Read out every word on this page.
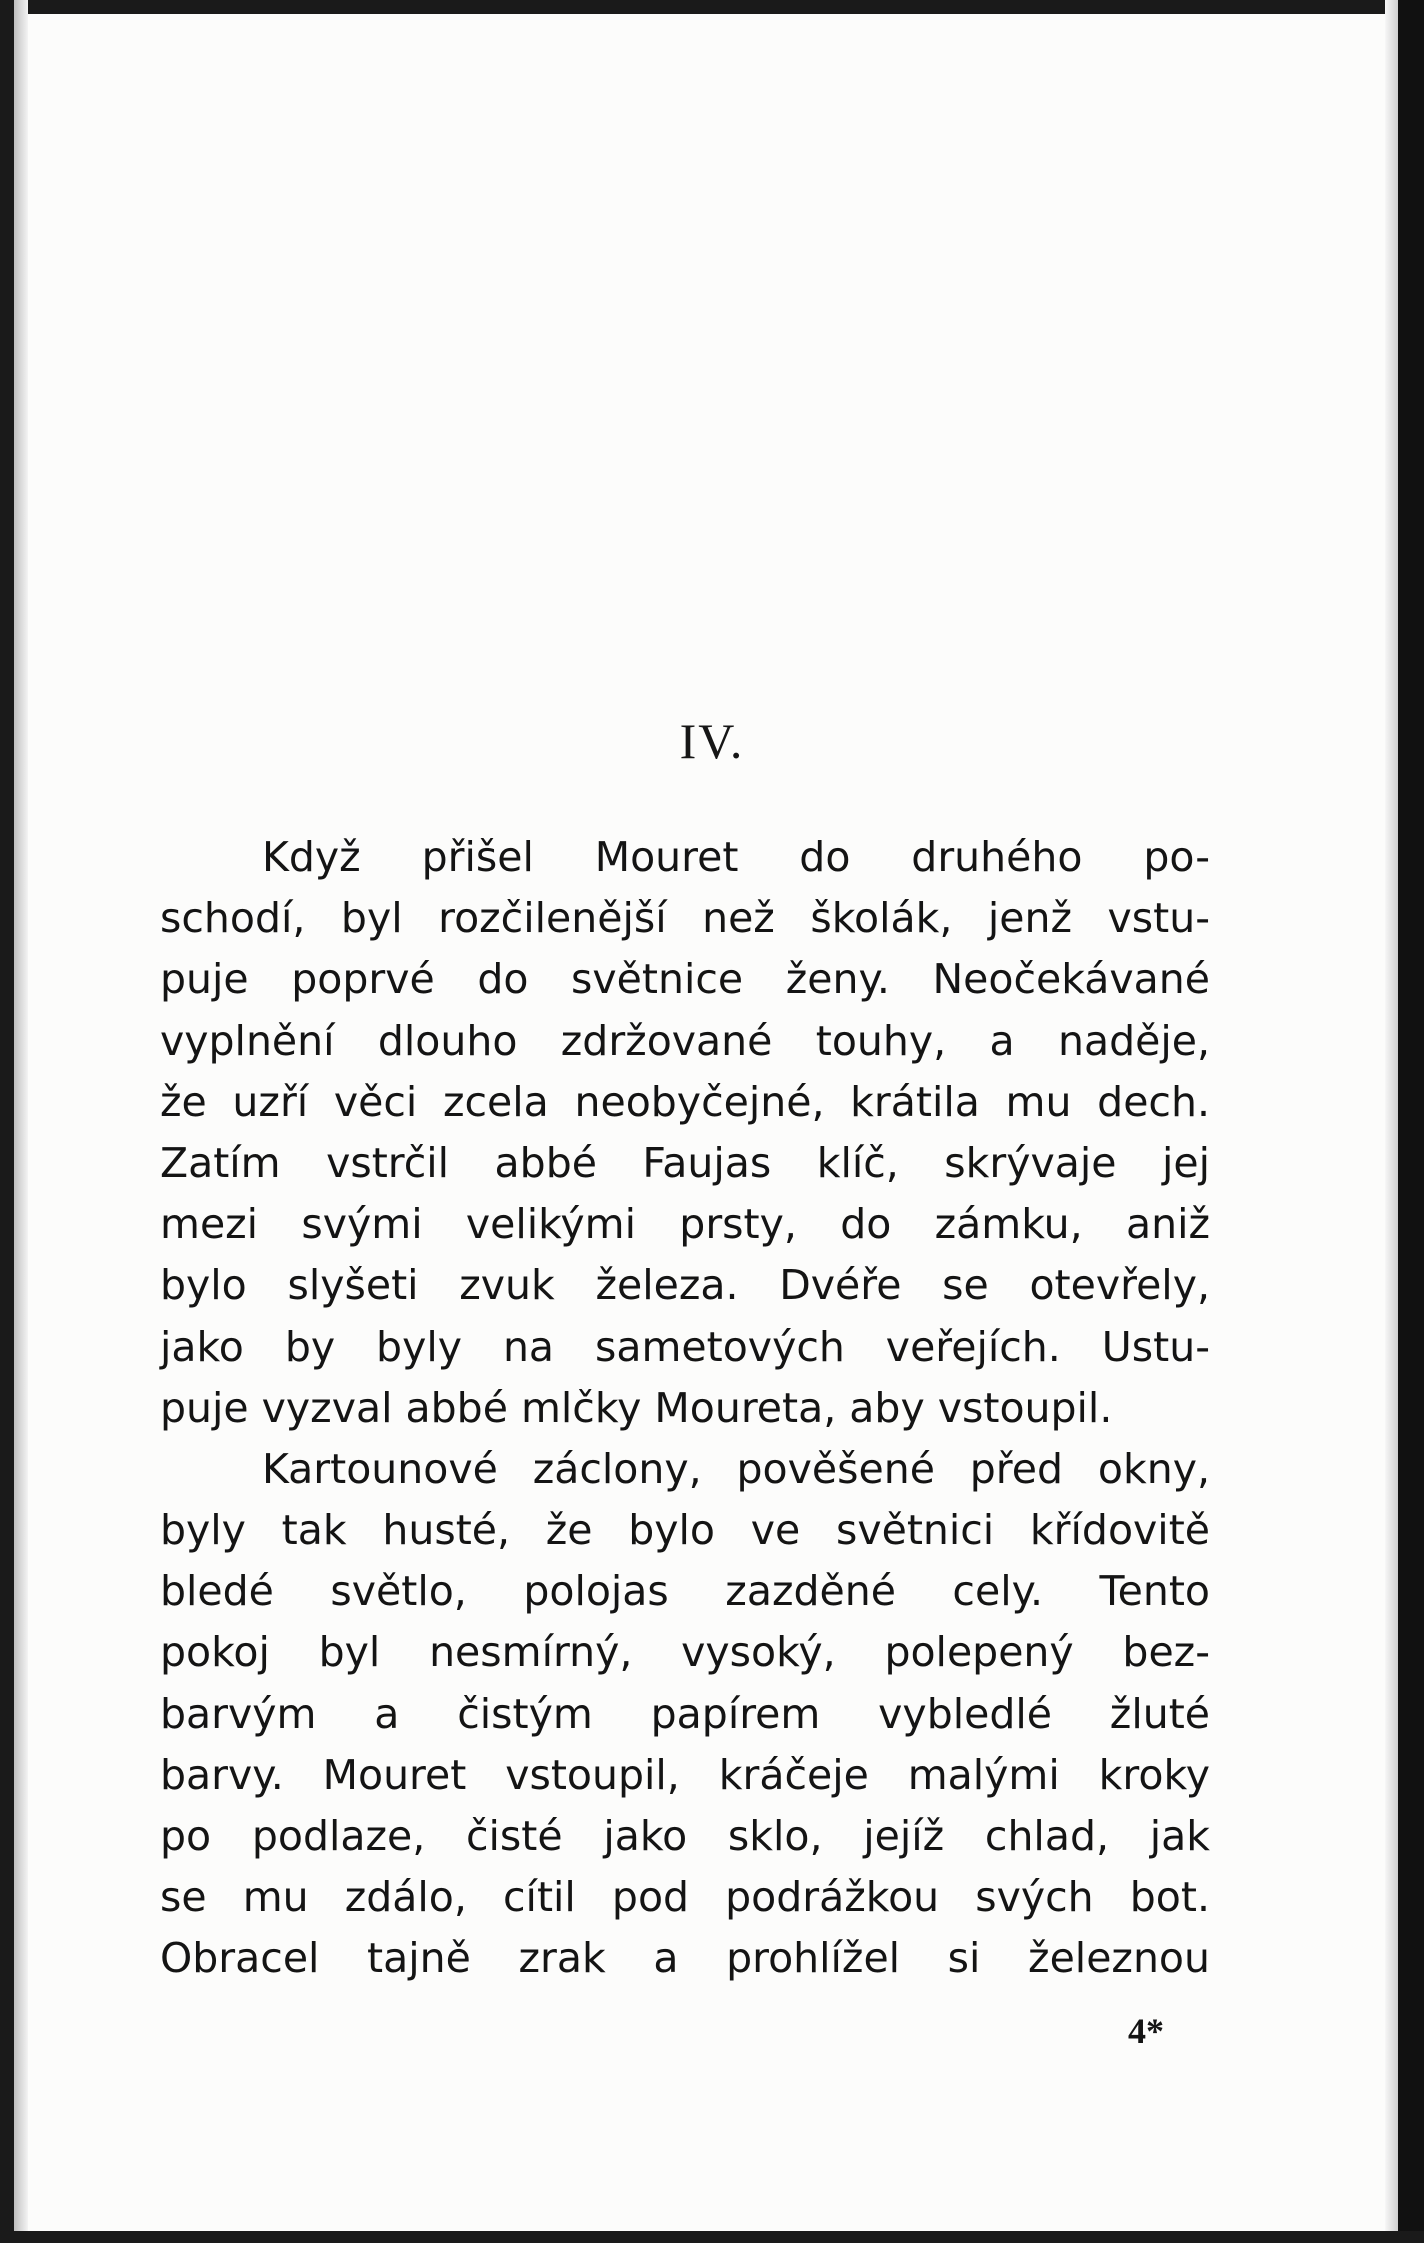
IV.
Když přišel Mouret do druhého po-
schodí, byl rozčilenější než školák, jenž vstu-
puje poprvé do světnice ženy. Neočekávané
vyplnění dlouho zdržované touhy, a naděje,
že uzří věci zcela neobyčejné, krátila mu dech.
Zatím vstrčil abbé Faujas klíč, skrývaje jej
mezi svými velikými prsty, do zámku, aniž
bylo slyšeti zvuk železa. Dvéře se otevřely,
jako by byly na sametových veřejích. Ustu-
puje vyzval abbé mlčky Moureta, aby vstoupil.
Kartounové záclony, pověšené před okny,
byly tak husté, že bylo ve světnici křídovitě
bledé světlo, polojas zazděné cely. Tento
pokoj byl nesmírný, vysoký, polepený bez-
barvým a čistým papírem vybledlé žluté
barvy. Mouret vstoupil, kráčeje malými kroky
po podlaze, čisté jako sklo, jejíž chlad, jak
se mu zdálo, cítil pod podrážkou svých bot.
Obracel tajně zrak a prohlížel si železnou
4*
